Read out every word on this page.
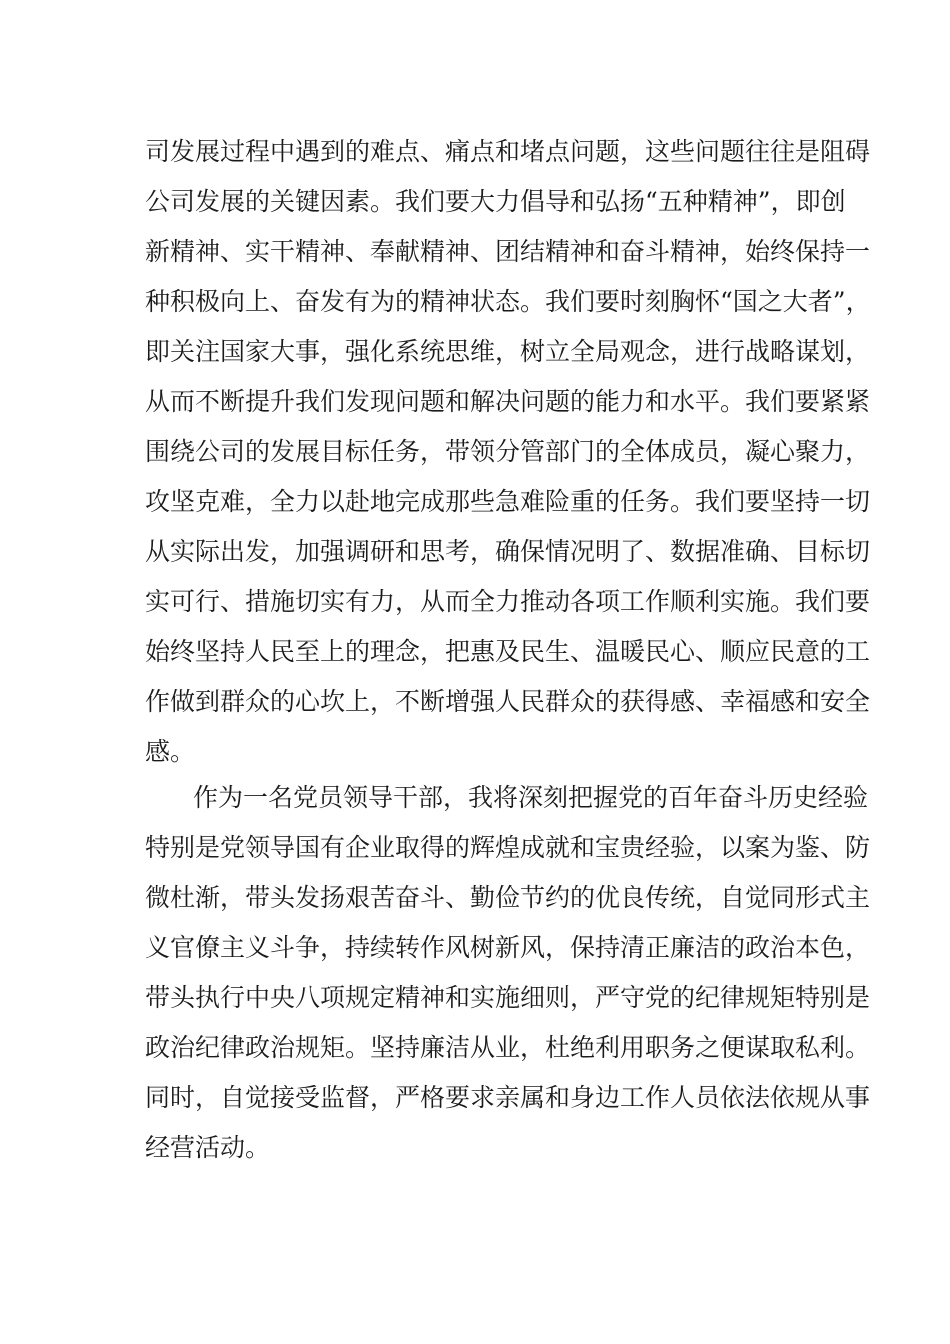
司发展过程中遇到的难点、痛点和堵点问题，这些问题往往是阻碍
公司发展的关键因素。我们要大力倡导和弘扬“五种精神”，即创
新精神、实干精神、奉献精神、团结精神和奋斗精神，始终保持一
种积极向上、奋发有为的精神状态。我们要时刻胸怀“国之大者”，
即关注国家大事，强化系统思维，树立全局观念，进行战略谋划，
从而不断提升我们发现问题和解决问题的能力和水平。我们要紧紧
围绕公司的发展目标任务，带领分管部门的全体成员，凝心聚力，
攻坚克难，全力以赴地完成那些急难险重的任务。我们要坚持一切
从实际出发，加强调研和思考，确保情况明了、数据准确、目标切
实可行、措施切实有力，从而全力推动各项工作顺利实施。我们要
始终坚持人民至上的理念，把惠及民生、温暖民心、顺应民意的工
作做到群众的心坎上，不断增强人民群众的获得感、幸福感和安全
感。
作为一名党员领导干部，我将深刻把握党的百年奋斗历史经验
特别是党领导国有企业取得的辉煌成就和宝贵经验，以案为鉴、防
微杜渐，带头发扬艰苦奋斗、勤俭节约的优良传统，自觉同形式主
义官僚主义斗争，持续转作风树新风，保持清正廉洁的政治本色，
带头执行中央八项规定精神和实施细则，严守党的纪律规矩特别是
政治纪律政治规矩。坚持廉洁从业，杜绝利用职务之便谋取私利。
同时，自觉接受监督，严格要求亲属和身边工作人员依法依规从事
经营活动。
